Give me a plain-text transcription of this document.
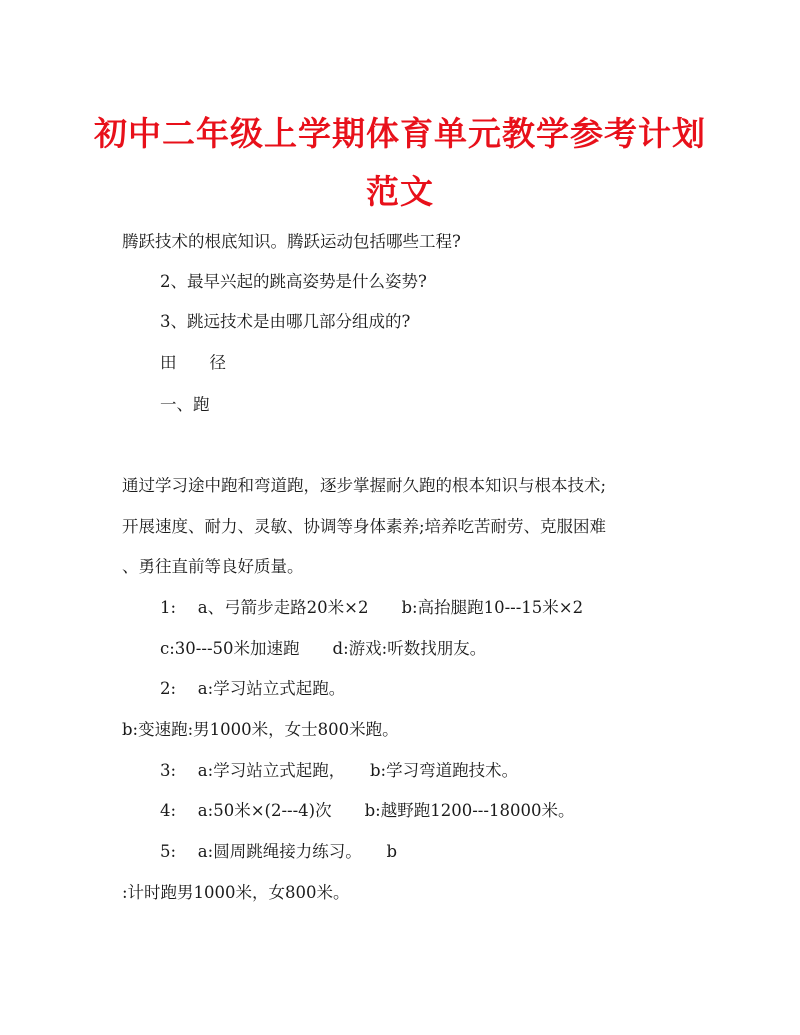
初中二年级上学期体育单元教学参考计划
范文
腾跃技术的根底知识。腾跃运动包括哪些工程?
2、最早兴起的跳高姿势是什么姿势?
3、跳远技术是由哪几部分组成的?
田　　径
一、跑
通过学习途中跑和弯道跑，逐步掌握耐久跑的根本知识与根本技术;
开展速度、耐力、灵敏、协调等身体素养;培养吃苦耐劳、克服困难
、勇往直前等良好质量。
1:　 a、弓箭步走路20米×2　　b:高抬腿跑10---15米×2
c:30---50米加速跑　　d:游戏:听数找朋友。
2:　 a:学习站立式起跑。
b:变速跑:男1000米，女士800米跑。
3:　 a:学习站立式起跑，　　b:学习弯道跑技术。
4:　 a:50米×(2---4)次　　b:越野跑1200---18000米。
5:　 a:圆周跳绳接力练习。　　b
:计时跑男1000米，女800米。
